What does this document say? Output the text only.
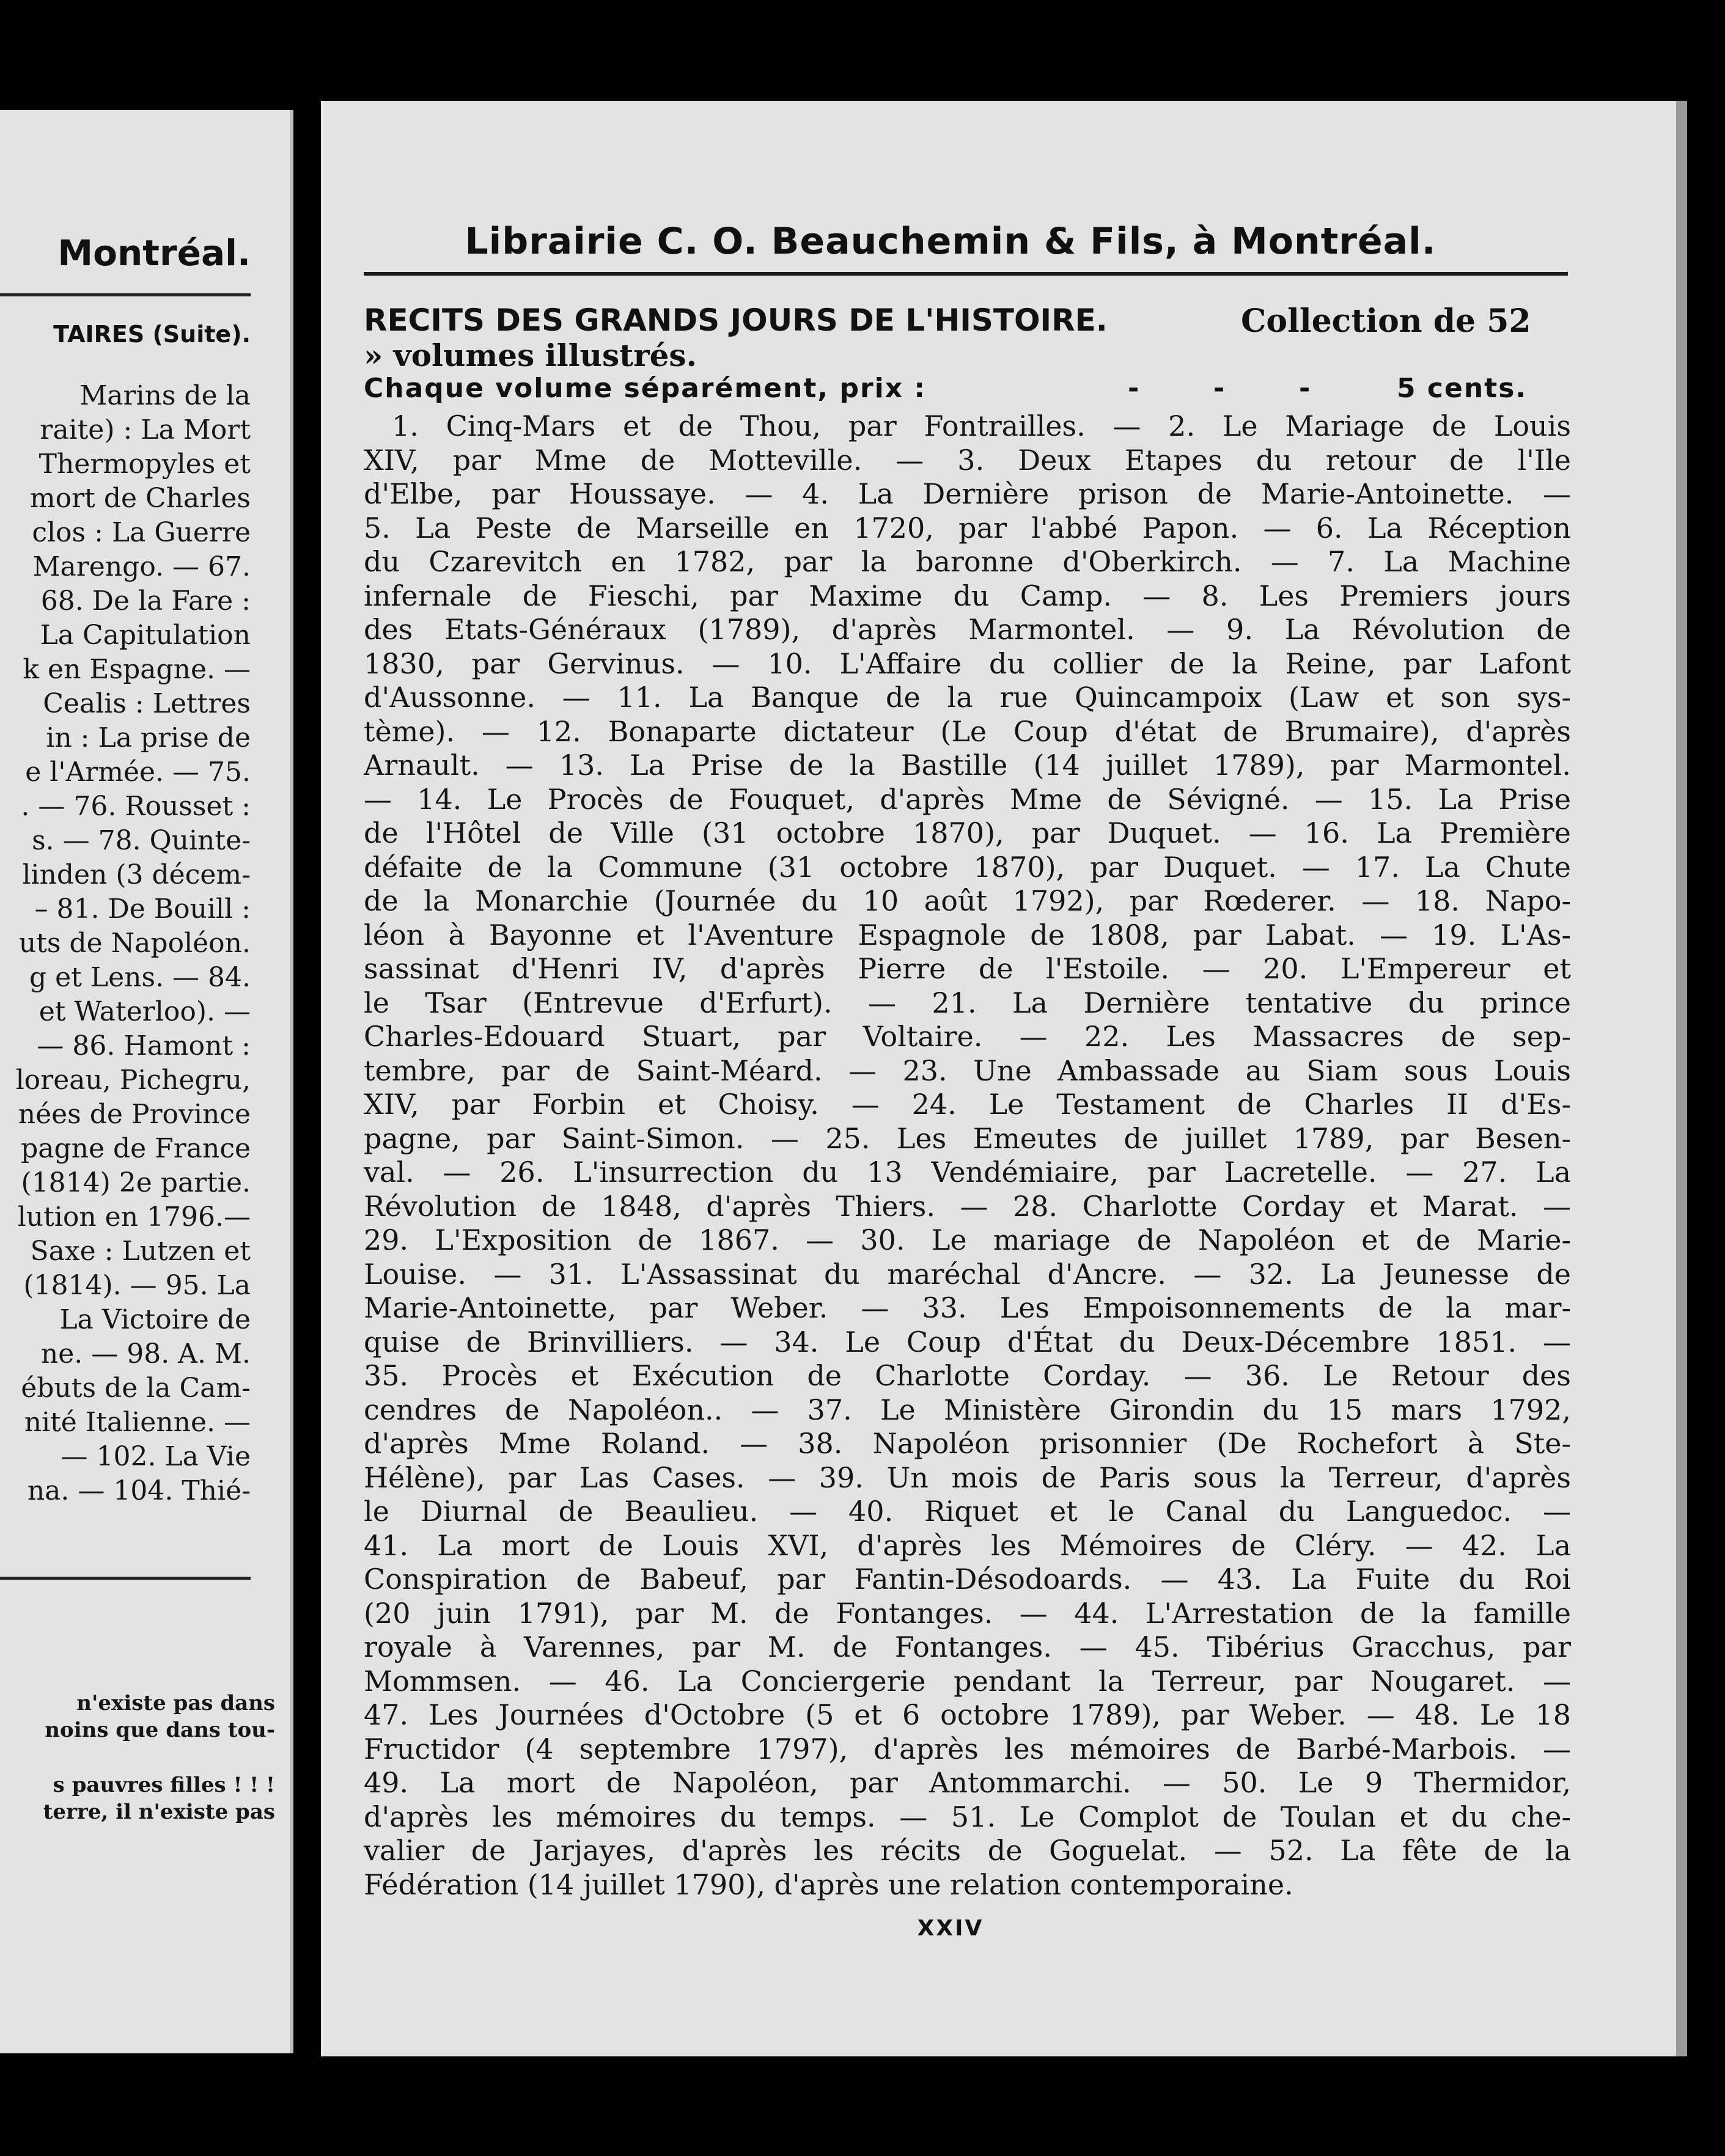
Montréal.
TAIRES (Suite).
Marins de la
raite) : La Mort
Thermopyles et
mort de Charles
clos : La Guerre
Marengo. — 67.
68. De la Fare :
La Capitulation
k en Espagne. —
Cealis : Lettres
in : La prise de
e l'Armée. — 75.
. — 76. Rousset :
s. — 78. Quinte-
linden (3 décem-
– 81. De Bouill :
uts de Napoléon.
g et Lens. — 84.
et Waterloo). —
— 86. Hamont :
loreau, Pichegru,
nées de Province
pagne de France
(1814) 2e partie.
lution en 1796.—
Saxe : Lutzen et
(1814). — 95. La
La Victoire de
ne. — 98. A. M.
ébuts de la Cam-
nité Italienne. —
— 102. La Vie
na. — 104. Thié-
n'existe pas dans
noins que dans tou-
s pauvres filles ! ! !
terre, il n'existe pas
Librairie C. O. Beauchemin & Fils, à Montréal.
RECITS DES GRANDS JOURS DE L'HISTOIRE.	Collection de 52
» volumes illustrés.
Chaque volume séparément, prix :	-	-	-	5 cents.
1. Cinq-Mars et de Thou, par Fontrailles. — 2. Le Mariage de Louis
XIV, par Mme de Motteville. — 3. Deux Etapes du retour de l'Ile
d'Elbe, par Houssaye. — 4. La Dernière prison de Marie-Antoinette. —
5. La Peste de Marseille en 1720, par l'abbé Papon. — 6. La Réception
du Czarevitch en 1782, par la baronne d'Oberkirch. — 7. La Machine
infernale de Fieschi, par Maxime du Camp. — 8. Les Premiers jours
des Etats-Généraux (1789), d'après Marmontel. — 9. La Révolution de
1830, par Gervinus. — 10. L'Affaire du collier de la Reine, par Lafont
d'Aussonne. — 11. La Banque de la rue Quincampoix (Law et son sys-
tème). — 12. Bonaparte dictateur (Le Coup d'état de Brumaire), d'après
Arnault. — 13. La Prise de la Bastille (14 juillet 1789), par Marmontel.
— 14. Le Procès de Fouquet, d'après Mme de Sévigné. — 15. La Prise
de l'Hôtel de Ville (31 octobre 1870), par Duquet. — 16. La Première
défaite de la Commune (31 octobre 1870), par Duquet. — 17. La Chute
de la Monarchie (Journée du 10 août 1792), par Rœderer. — 18. Napo-
léon à Bayonne et l'Aventure Espagnole de 1808, par Labat. — 19. L'As-
sassinat d'Henri IV, d'après Pierre de l'Estoile. — 20. L'Empereur et
le Tsar (Entrevue d'Erfurt). — 21. La Dernière tentative du prince
Charles-Edouard Stuart, par Voltaire. — 22. Les Massacres de sep-
tembre, par de Saint-Méard. — 23. Une Ambassade au Siam sous Louis
XIV, par Forbin et Choisy. — 24. Le Testament de Charles II d'Es-
pagne, par Saint-Simon. — 25. Les Emeutes de juillet 1789, par Besen-
val. — 26. L'insurrection du 13 Vendémiaire, par Lacretelle. — 27. La
Révolution de 1848, d'après Thiers. — 28. Charlotte Corday et Marat. —
29. L'Exposition de 1867. — 30. Le mariage de Napoléon et de Marie-
Louise. — 31. L'Assassinat du maréchal d'Ancre. — 32. La Jeunesse de
Marie-Antoinette, par Weber. — 33. Les Empoisonnements de la mar-
quise de Brinvilliers. — 34. Le Coup d'État du Deux-Décembre 1851. —
35. Procès et Exécution de Charlotte Corday. — 36. Le Retour des
cendres de Napoléon.. — 37. Le Ministère Girondin du 15 mars 1792,
d'après Mme Roland. — 38. Napoléon prisonnier (De Rochefort à Ste-
Hélène), par Las Cases. — 39. Un mois de Paris sous la Terreur, d'après
le Diurnal de Beaulieu. — 40. Riquet et le Canal du Languedoc. —
41. La mort de Louis XVI, d'après les Mémoires de Cléry. — 42. La
Conspiration de Babeuf, par Fantin-Désodoards. — 43. La Fuite du Roi
(20 juin 1791), par M. de Fontanges. — 44. L'Arrestation de la famille
royale à Varennes, par M. de Fontanges. — 45. Tibérius Gracchus, par
Mommsen. — 46. La Conciergerie pendant la Terreur, par Nougaret. —
47. Les Journées d'Octobre (5 et 6 octobre 1789), par Weber. — 48. Le 18
Fructidor (4 septembre 1797), d'après les mémoires de Barbé-Marbois. —
49. La mort de Napoléon, par Antommarchi. — 50. Le 9 Thermidor,
d'après les mémoires du temps. — 51. Le Complot de Toulan et du che-
valier de Jarjayes, d'après les récits de Goguelat. — 52. La fête de la
Fédération (14 juillet 1790), d'après une relation contemporaine.
XXIV
